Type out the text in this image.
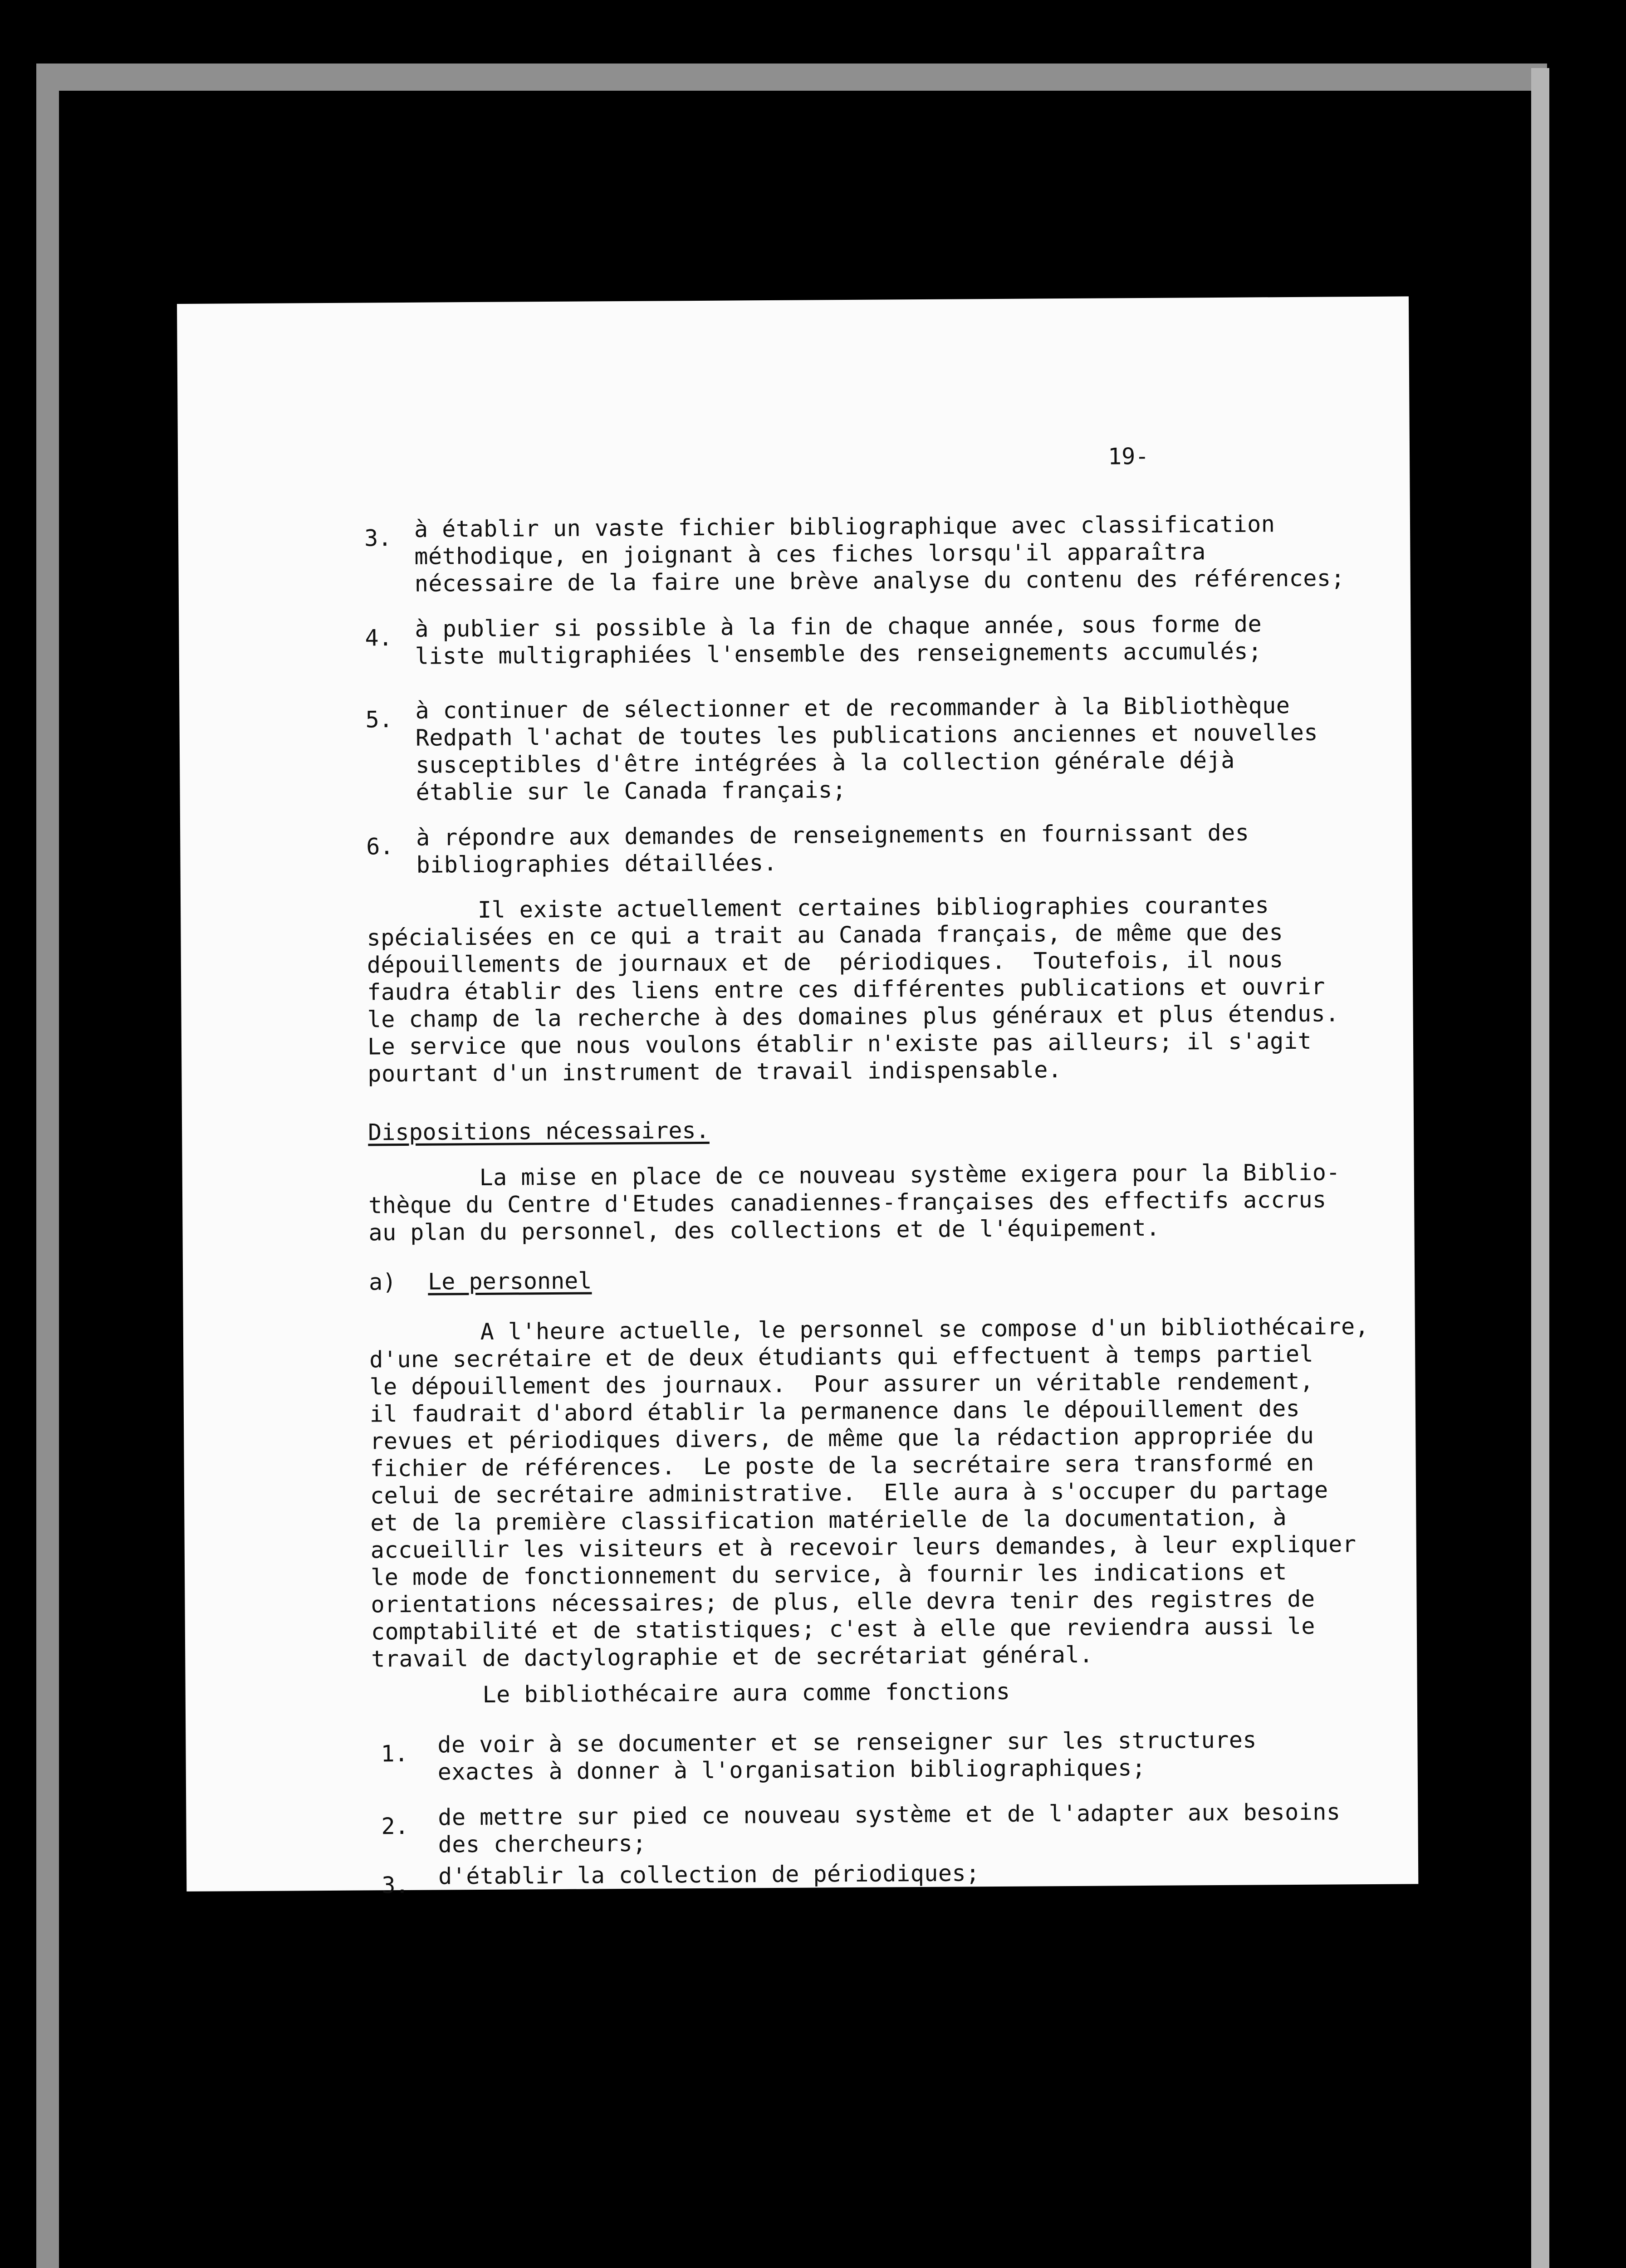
19-
3. à établir un vaste fichier bibliographique avec classification
méthodique, en joignant à ces fiches lorsqu'il apparaîtra
nécessaire de la faire une brève analyse du contenu des références;
4. à publier si possible à la fin de chaque année, sous forme de
liste multigraphiées l'ensemble des renseignements accumulés;
5. à continuer de sélectionner et de recommander à la Bibliothèque
Redpath l'achat de toutes les publications anciennes et nouvelles
susceptibles d'être intégrées à la collection générale déjà
établie sur le Canada français;
6. à répondre aux demandes de renseignements en fournissant des
bibliographies détaillées.
Il existe actuellement certaines bibliographies courantes
spécialisées en ce qui a trait au Canada français, de même que des
dépouillements de journaux et de  périodiques.  Toutefois, il nous
faudra établir des liens entre ces différentes publications et ouvrir
le champ de la recherche à des domaines plus généraux et plus étendus.
Le service que nous voulons établir n'existe pas ailleurs; il s'agit
pourtant d'un instrument de travail indispensable.
Dispositions nécessaires.
La mise en place de ce nouveau système exigera pour la Biblio-
thèque du Centre d'Etudes canadiennes-françaises des effectifs accrus
au plan du personnel, des collections et de l'équipement.
a) Le personnel
A l'heure actuelle, le personnel se compose d'un bibliothécaire,
d'une secrétaire et de deux étudiants qui effectuent à temps partiel
le dépouillement des journaux.  Pour assurer un véritable rendement,
il faudrait d'abord établir la permanence dans le dépouillement des
revues et périodiques divers, de même que la rédaction appropriée du
fichier de références.  Le poste de la secrétaire sera transformé en
celui de secrétaire administrative.  Elle aura à s'occuper du partage
et de la première classification matérielle de la documentation, à
accueillir les visiteurs et à recevoir leurs demandes, à leur expliquer
le mode de fonctionnement du service, à fournir les indications et
orientations nécessaires; de plus, elle devra tenir des registres de
comptabilité et de statistiques; c'est à elle que reviendra aussi le
travail de dactylographie et de secrétariat général.
Le bibliothécaire aura comme fonctions
1. de voir à se documenter et se renseigner sur les structures
exactes à donner à l'organisation bibliographiques;
2. de mettre sur pied ce nouveau système et de l'adapter aux besoins
des chercheurs;
3. d'établir la collection de périodiques;
